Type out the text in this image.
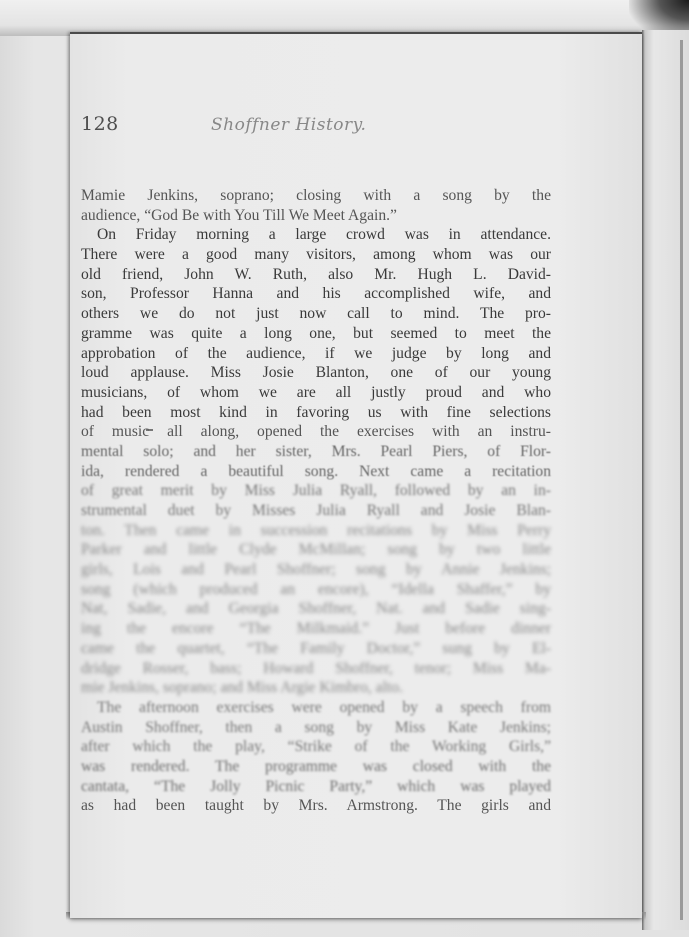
128	Shoffner History.
Mamie Jenkins, soprano; closing with a song by the
audience, “God Be with You Till We Meet Again.”
On Friday morning a large crowd was in attendance.
There were a good many visitors, among whom was our
old friend, John W. Ruth, also Mr. Hugh L. David-
son, Professor Hanna and his accomplished wife, and
others we do not just now call to mind. The pro-
gramme was quite a long one, but seemed to meet the
approbation of the audience, if we judge by long and
loud applause. Miss Josie Blanton, one of our young
musicians, of whom we are all justly proud and who
had been most kind in favoring us with fine selections
of music all along, opened the exercises with an instru-
mental solo; and her sister, Mrs. Pearl Piers, of Flor-
ida, rendered a beautiful song. Next came a recitation
of great merit by Miss Julia Ryall, followed by an in-
strumental duet by Misses Julia Ryall and Josie Blan-
ton. Then came in succession recitations by Miss Perry
Parker and little Clyde McMillan; song by two little
girls, Lois and Pearl Shoffner; song by Annie Jenkins;
song (which produced an encore), “Idella Shaffer,” by
Nat, Sadie, and Georgia Shoffner, Nat. and Sadie sing-
ing the encore “The Milkmaid.” Just before dinner
came the quartet, “The Family Doctor,” sung by El-
dridge Rosser, bass; Howard Shoffner, tenor; Miss Ma-
mie Jenkins, soprano; and Miss Argie Kimbro, alto.
The afternoon exercises were opened by a speech from
Austin Shoffner, then a song by Miss Kate Jenkins;
after which the play, “Strike of the Working Girls,”
was rendered. The programme was closed with the
cantata, “The Jolly Picnic Party,” which was played
as had been taught by Mrs. Armstrong. The girls and
